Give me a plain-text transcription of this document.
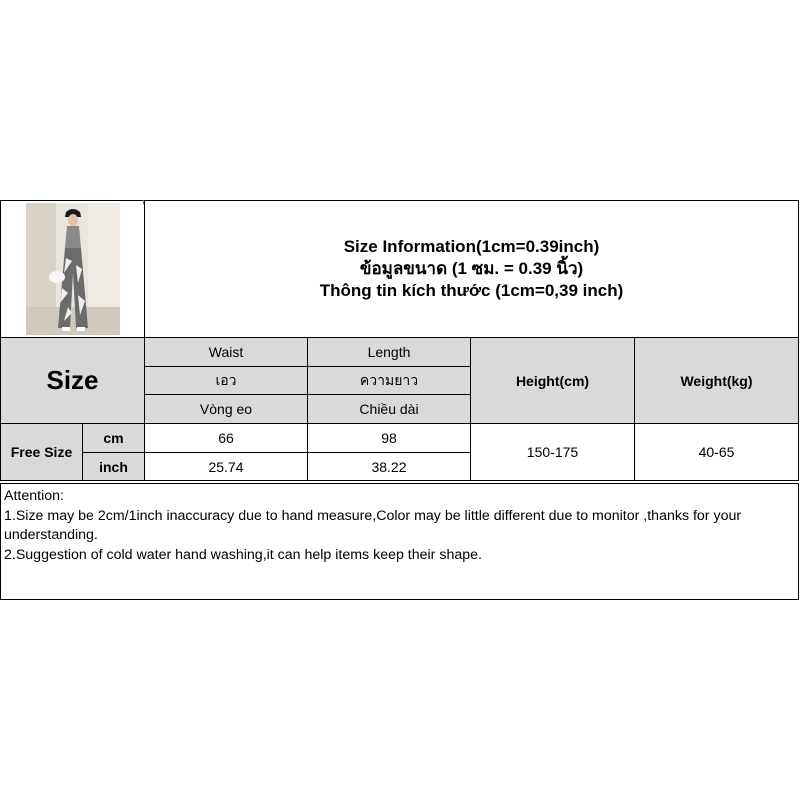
Size Information(1cm=0.39inch)
ข้อมูลขนาด (1 ซม. = 0.39 นิ้ว)
Thông tin kích thước (1cm=0,39 inch)
Size
Waist
เอว
Vòng eo
Length
ความยาว
Chiều dài
Height(cm)	Weight(kg)
Free Size
cm
inch
66
25.74
98
38.22
150-175	40-65
Attention:
1.Size may be 2cm/1inch inaccuracy due to hand measure,Color may be little different due to monitor ,thanks for your understanding.
2.Suggestion of cold water hand washing,it can help items keep their shape.
